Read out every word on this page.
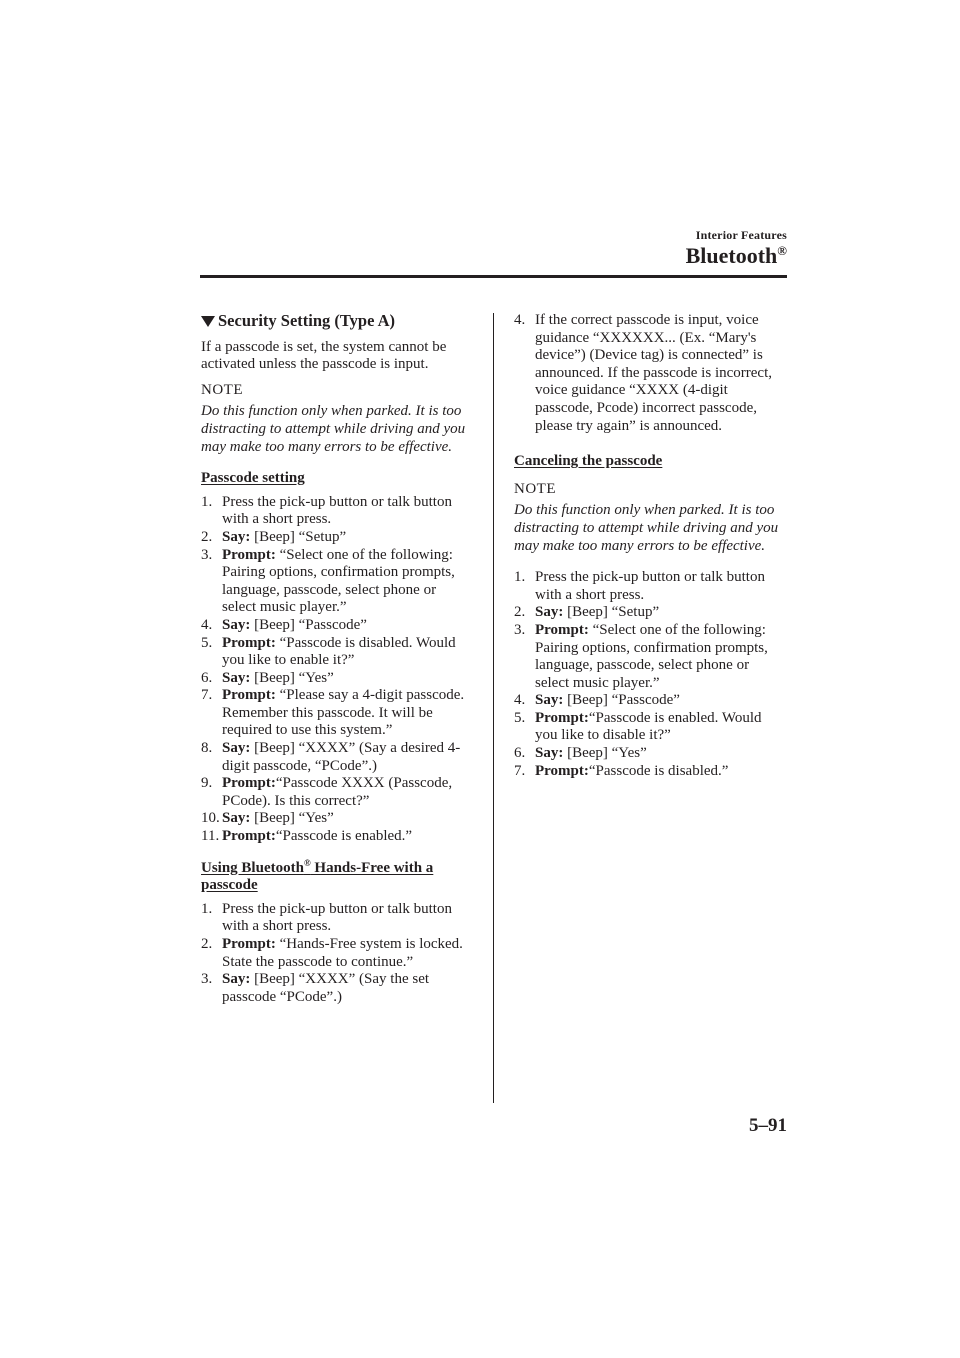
Interior Features
Bluetooth®
Security Setting (Type A)

If a passcode is set, the system cannot be activated unless the passcode is input.

NOTE

Do this function only when parked. It is too distracting to attempt while driving and you may make too many errors to be effective.

Passcode setting

1. Press the pick-up button or talk button with a short press.
2. Say: [Beep] “Setup”
3. Prompt: “Select one of the following: Pairing options, confirmation prompts, language, passcode, select phone or select music player.”
4. Say: [Beep] “Passcode”
5. Prompt: “Passcode is disabled. Would you like to enable it?”
6. Say: [Beep] “Yes”
7. Prompt: “Please say a 4-digit passcode. Remember this passcode. It will be required to use this system.”
8. Say: [Beep] “XXXX” (Say a desired 4-digit passcode, “PCode”.)
9. Prompt:“Passcode XXXX (Passcode, PCode). Is this correct?”
10. Say: [Beep] “Yes”
11. Prompt:“Passcode is enabled.”

Using Bluetooth® Hands-Free with a passcode

1. Press the pick-up button or talk button with a short press.
2. Prompt: “Hands-Free system is locked. State the passcode to continue.”
3. Say: [Beep] “XXXX” (Say the set passcode “PCode”.)
4. If the correct passcode is input, voice guidance “XXXXXX... (Ex. “Mary's device”) (Device tag) is connected” is announced. If the passcode is incorrect, voice guidance “XXXX (4-digit passcode, Pcode) incorrect passcode, please try again” is announced.

Canceling the passcode

NOTE

Do this function only when parked. It is too distracting to attempt while driving and you may make too many errors to be effective.

1. Press the pick-up button or talk button with a short press.
2. Say: [Beep] “Setup”
3. Prompt: “Select one of the following: Pairing options, confirmation prompts, language, passcode, select phone or select music player.”
4. Say: [Beep] “Passcode”
5. Prompt:“Passcode is enabled. Would you like to disable it?”
6. Say: [Beep] “Yes”
7. Prompt:“Passcode is disabled.”
5–91
